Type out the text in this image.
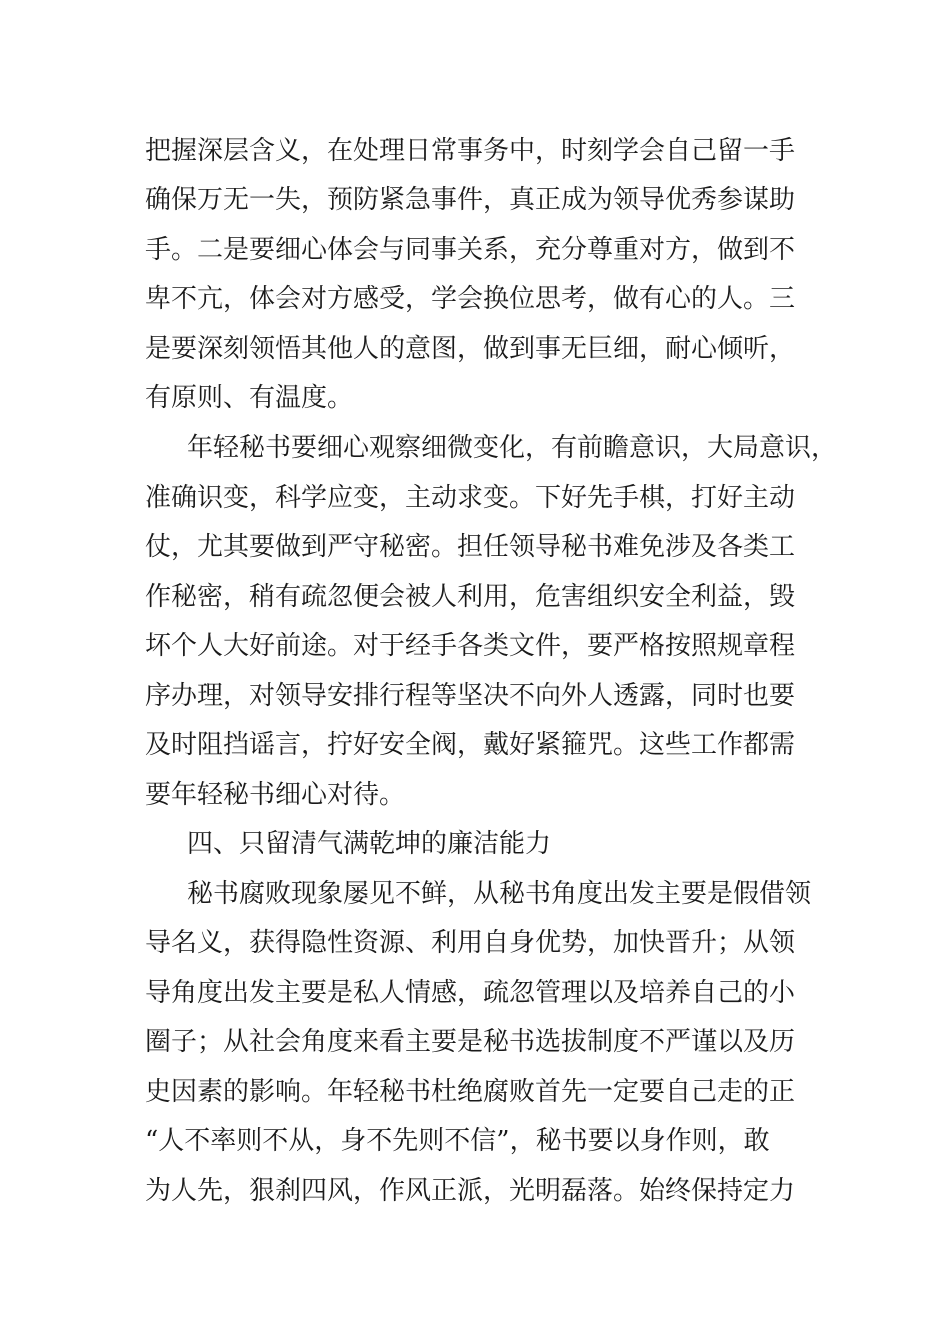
把握深层含义，在处理日常事务中，时刻学会自己留一手
确保万无一失，预防紧急事件，真正成为领导优秀参谋助
手。二是要细心体会与同事关系，充分尊重对方，做到不
卑不亢，体会对方感受，学会换位思考，做有心的人。三
是要深刻领悟其他人的意图，做到事无巨细，耐心倾听，
有原则、有温度。
年轻秘书要细心观察细微变化，有前瞻意识，大局意识，
准确识变，科学应变，主动求变。下好先手棋，打好主动
仗，尤其要做到严守秘密。担任领导秘书难免涉及各类工
作秘密，稍有疏忽便会被人利用，危害组织安全利益，毁
坏个人大好前途。对于经手各类文件，要严格按照规章程
序办理，对领导安排行程等坚决不向外人透露，同时也要
及时阻挡谣言，拧好安全阀，戴好紧箍咒。这些工作都需
要年轻秘书细心对待。
四、只留清气满乾坤的廉洁能力
秘书腐败现象屡见不鲜，从秘书角度出发主要是假借领
导名义，获得隐性资源、利用自身优势，加快晋升；从领
导角度出发主要是私人情感，疏忽管理以及培养自己的小
圈子；从社会角度来看主要是秘书选拔制度不严谨以及历
史因素的影响。年轻秘书杜绝腐败首先一定要自己走的正
“人不率则不从，身不先则不信”，秘书要以身作则，敢
为人先，狠刹四风，作风正派，光明磊落。始终保持定力
